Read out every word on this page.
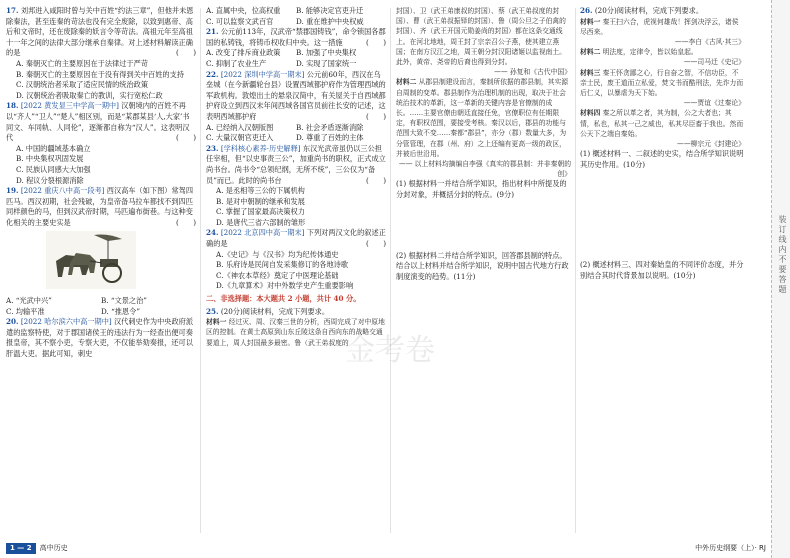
17. 刘邦进入咸阳时曾与关中百姓“约法三章”，但他并未恩除秦法，甚至连秦的苛法也没有完全废除，以致到惠帝、高后和文帝时，还在废除秦的妖言令等苛法。高祖元年至高祖十一年之间的法律大部分继承自秦律。对上述材料解读正确的是	(　　)

A. 秦朝灭亡的主要原因在于法律过于严苛

B. 秦朝灭亡的主要原因在于没有得到关中百姓的支持

C. 汉朝统治者采取了适应民情的统治政策

D. 汉朝统治者吸取秦亡的教训，实行宽松仁政

18. [2022 黄发显三中学高一期中] 汉朝境内的百姓不再以“齐人”“卫人”“楚人”相区别，而是“某郡某县‘人,大家’书同文、车同轨、人同伦”，逐渐都自称为“汉人”。这表明汉代	(　　)

A. 中国的疆域基本确立

B. 中央集权巩固发展

C. 民族认同感大大加强

D. 程议分裂根源消除

19. [2022 重庆八中高一段考] 西汉高车（如下图）常驾四匹马。西汉初期，社会残破，为皇帝备马拉车都找不到四匹同样颜色的马，但到汉武帝时期，马匹遍布街巷。与这种变化相关的主要史实是	(　　)

A. “光武中兴”	B. “文景之治”
C. 均输平准	D. “推恩令”

20. [2022 哈尔滨六中高一期中] 汉代刺史作为中央政府派遣的监察特使，对于郡国诸侯王的违法行为一经查出便可奏报皇帝，其不察小吏，专察大吏，不仅能举劾奏报，还可以肝温大吏。据此可知，刺史

A. 直属中央，位高权重	B. 能够决定官吏升迁
C. 可以监察文武百官	D. 重在维护中央权威

21. 公元前113年，汉武帝“禁郡国铸钱”，命令锁国各郡国的私铸钱，将铸币权收归中央。这一措施	(　　)

A. 改变了排斥商业政策	B. 加强了中央集权
C. 抑制了农业生产	D. 实现了国家统一

22. [2022 深圳中学高一期末] 公元前60年，西汉在乌垒城（在今新疆轮台县）设置西域都护府作为管理西域的军政机构。敦煌出土的悬泉汉简中，有关屋关于自西域都护府设立到西汉末年间西域各国官员前往长安的记述，这表明西域都护府	(　　)

A. 已经纳入汉朝版图	B. 社会矛盾逐渐消除
C. 大量汉朝官吏迁入	D. 尊重了百姓的主体

23. [学科核心素养·历史解释] 东汉光武帝虽仍以三公担任宰相，但“以史事责三公”，加重尚书的职权，正式成立尚书台。尚书令“总领纪纲，无所不统”，三公仅为“备员”而已。此时的尚书台	(　　)

A. 是丞相等三公的下属机构

B. 是对中朝制的继承和发展

C. 掌握了国家最高决策权力

D. 是唐代三省六部制的雏形

24. [2022 北京四中高一期末] 下列对两汉文化的叙述正确的是	(　　)

A.《史记》与《汉书》均为纪传体通史

B. 乐府诗是民间自发采集修订的各地诗歌

C.《神农本草经》奠定了中医理论基础

D.《九章算术》对中外数学史产生重要影响

二、非选择题：本大题共 2 小题，共计 40 分。

25. (20分)阅读材料，完成下列要求。

材料一 经过灭、周、汉秦三世的分析，西周完成了对中原地区的控制。在黄土高原到山东丘陵这条自西向东的战略交通要道上，周人封国最多最密。鲁（武王弟叔度的

封国）、卫（武王弟康叔的封国）、蔡（武王弟叔度的封国）、曹（武王弟叔振铎的封国）、鲁（周公旦之子伯禽的封国）、齐（武王开国元勋姜尚的封国）都在这条交通线上。在河北地地，周王封了宗亲召公子燕，使其建立燕国；在南方汉江之地，周王朝分封汉阳诸姬以监视南土。此外，黄帝、尧帝的后裔也得到分封。

—— 孙复和《古代中国》

材料二 从郡县制建设而言，秦制所依据的郡县制，其实源自周制的变革。郡县制作为治理机制的出现，取决于社会统治技术的革新，这一革新的关键内容是官僚制的成长。……主要官僚由朝廷直接任免，官僚职位有任期限定，有职权范围，要接受考核。秦汉以后，郡县的功能与范围大致不变……秦都“郡县”，亦分（郡）数量大多，为分管管理，在郡（州、府）之上还编有更高一级的政区，并被后世沿用。

—— 以上材料均摘编自李强《真实的郡县制：并非秦朝的创》

(1) 根据材料一并结合所学知识，指出材料中所提及的分封对象，并概括分封的特点。(9分)

(2) 根据材料二并结合所学知识，回答郡县制的特点。结合以上材料并结合所学知识，说明中国古代地方行政制度演变的趋势。(11分)

26. (20分)阅读材料，完成下列要求。

材料一 秦王扫六合，虎视何雄哉！挥剑决浮云，诸侯尽西来。

——李白《古风·其三》

材料二 明法度，定律令，皆以始皇起。

——司马迁《史记》

材料三 秦王怀贪鄙之心，行自奋之智，不信功臣，不亲士民，废王道而立私爱，焚文书而酷刑法，先诈力而后仁义，以暴虐为天下始。

——贾谊《过秦论》

材料四 秦之所以革之者，其为制，公之大者也；其情，私也，私其一己之威也，私其尽臣畜于我也。然而公天下之端自秦始。

——柳宗元《封建论》

(1) 概述材料一、二叙述的史实，结合所学知识说明其历史作用。(10分)

(2) 概述材料三、四对秦始皇的不同评价态度，并分别结合其时代背景加以说明。(10分)	装订线内不要答题
金考卷
1 — 2	高中历史	中外历史纲要（上）· RJ
